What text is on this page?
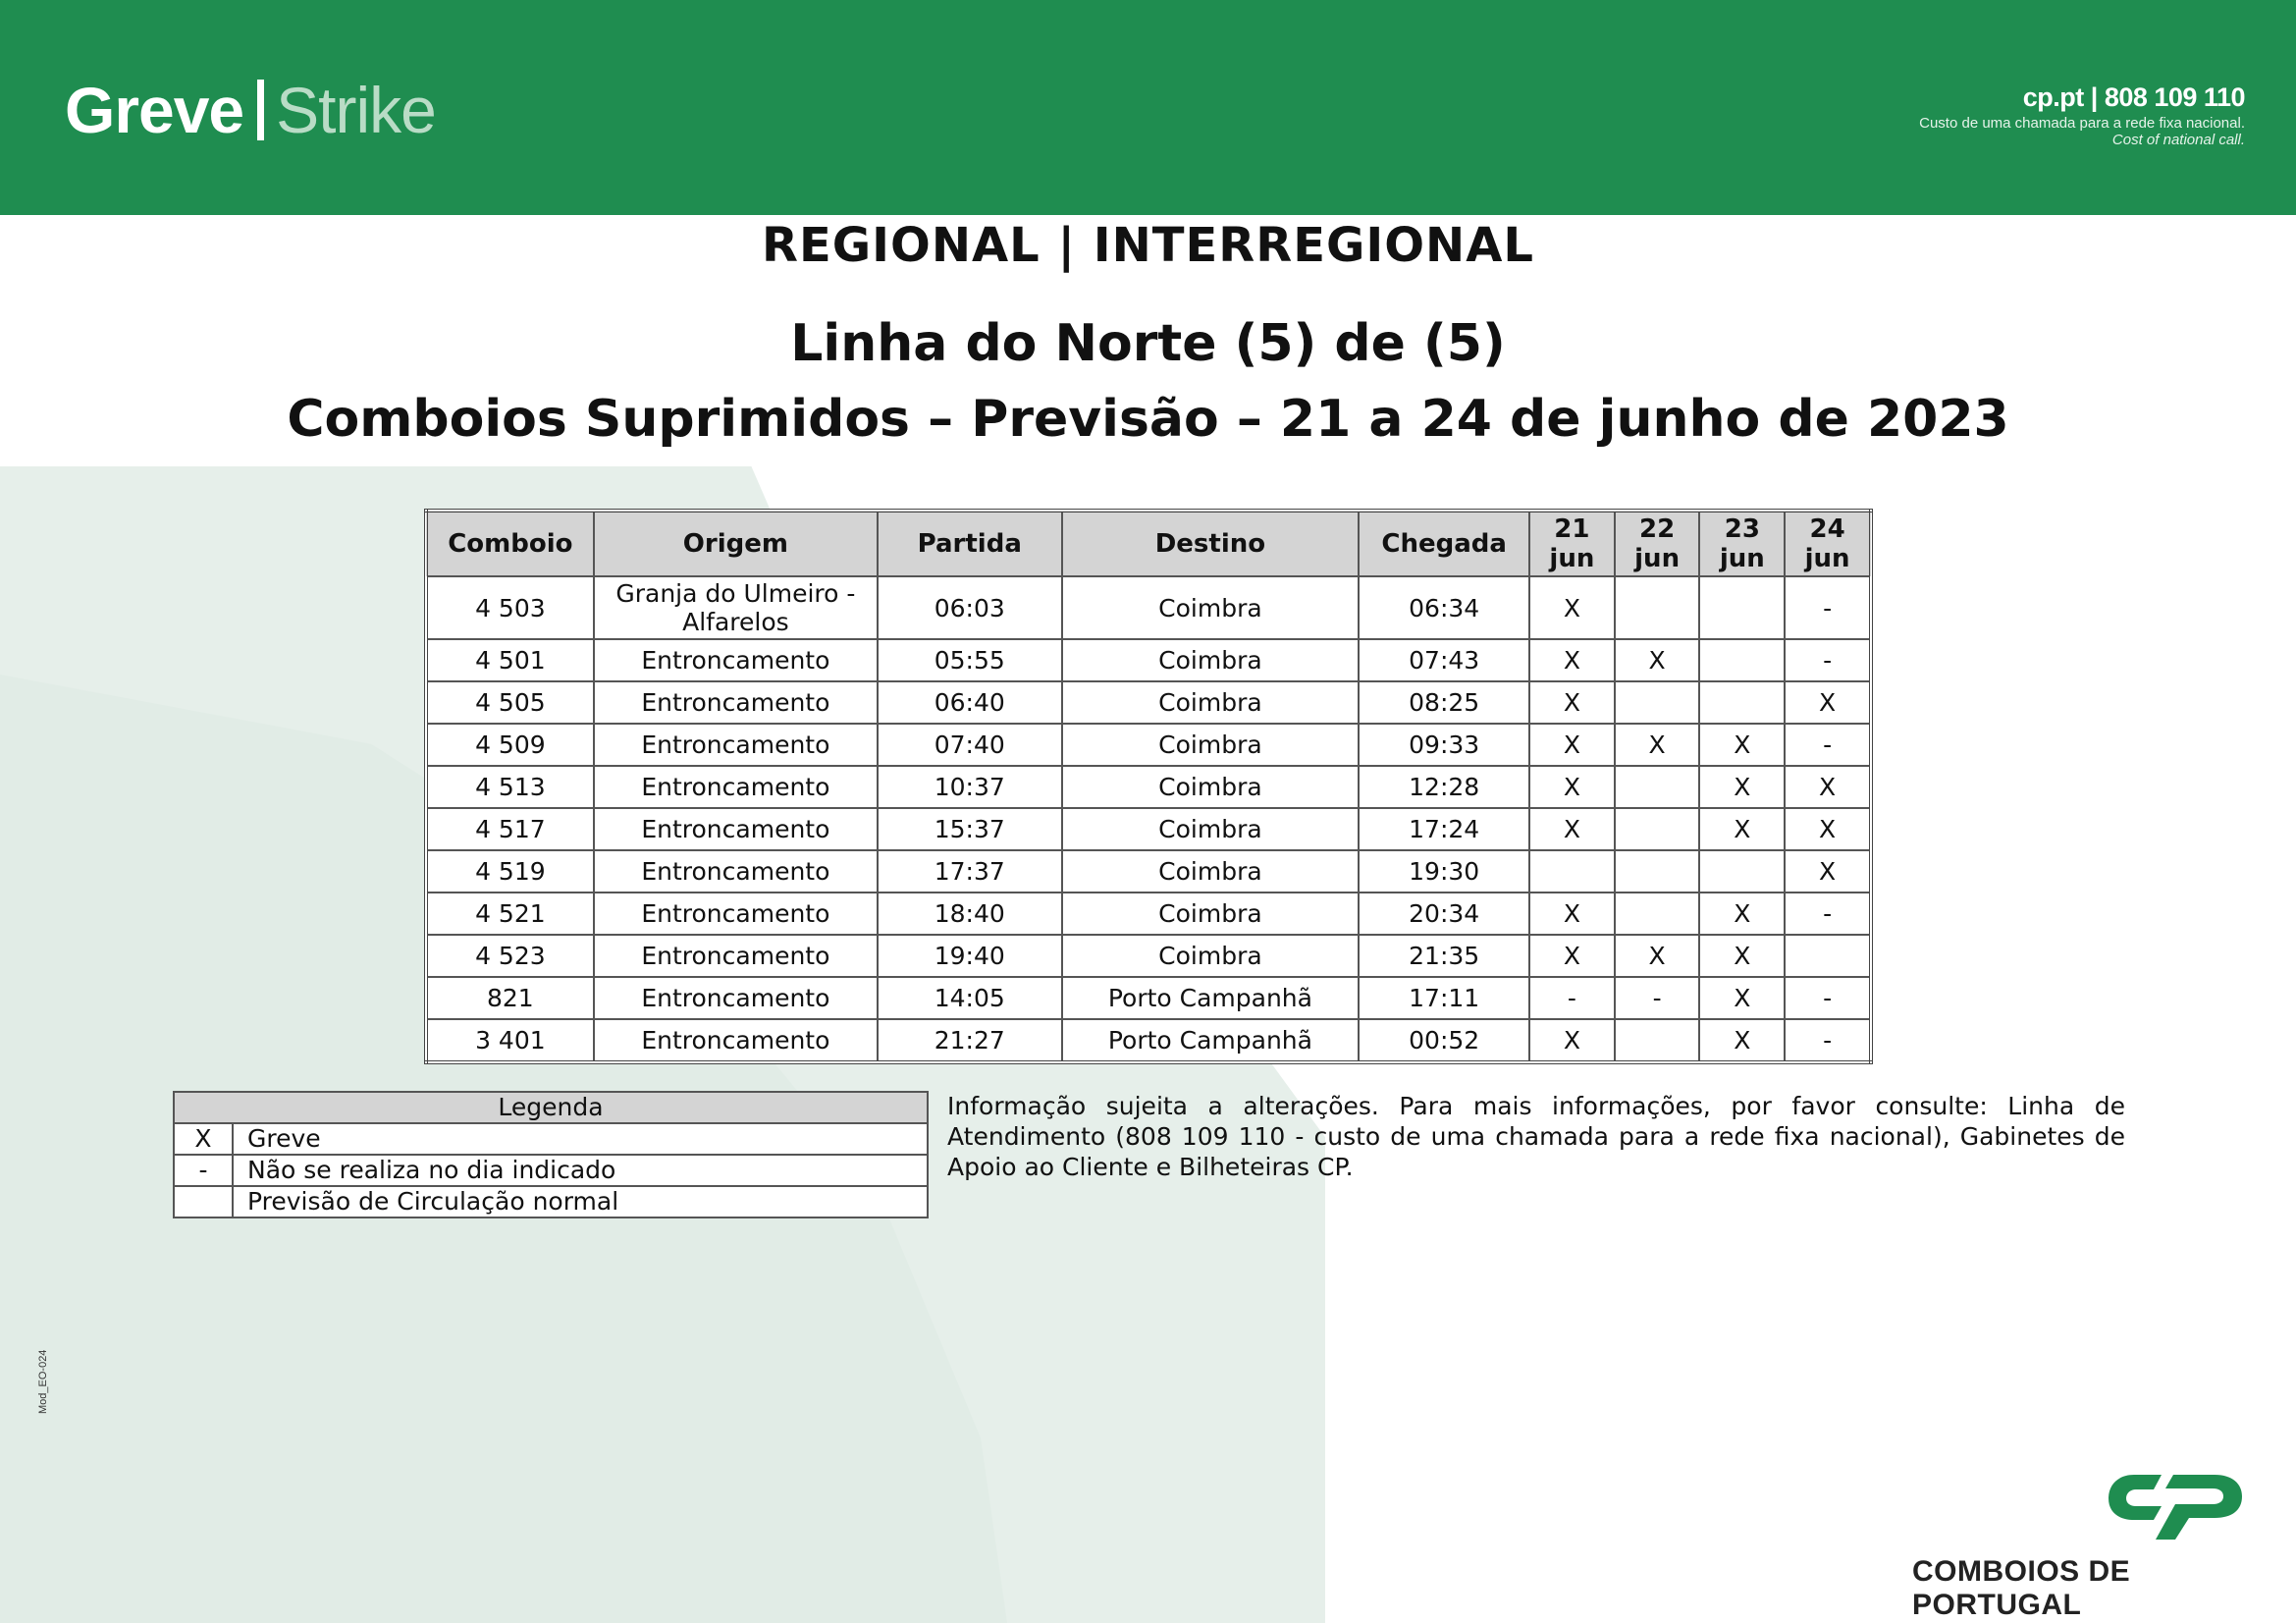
Greve Strike	cp.pt | 808 109 110
Custo de uma chamada para a rede fixa nacional.
Cost of national call.
REGIONAL | INTERREGIONAL
Linha do Norte (5) de (5)
Comboios Suprimidos – Previsão – 21 a 24 de junho de 2023
Comboio	Origem	Partida	Destino	Chegada	21 jun	22 jun	23 jun	24 jun
4 503	Granja do Ulmeiro - Alfarelos	06:03	Coimbra	06:34	X			-
4 501	Entroncamento	05:55	Coimbra	07:43	X	X		-
4 505	Entroncamento	06:40	Coimbra	08:25	X			X
4 509	Entroncamento	07:40	Coimbra	09:33	X	X	X	-
4 513	Entroncamento	10:37	Coimbra	12:28	X		X	X
4 517	Entroncamento	15:37	Coimbra	17:24	X		X	X
4 519	Entroncamento	17:37	Coimbra	19:30				X
4 521	Entroncamento	18:40	Coimbra	20:34	X		X	-
4 523	Entroncamento	19:40	Coimbra	21:35	X	X	X	
821	Entroncamento	14:05	Porto Campanhã	17:11	-	-	X	-
3 401	Entroncamento	21:27	Porto Campanhã	00:52	X		X	-
Legenda	
X	Greve
-	Não se realiza no dia indicado
	Previsão de Circulação normal
Informação sujeita a alterações. Para mais informações, por favor consulte: Linha de Atendimento (808 109 110 - custo de uma chamada para a rede fixa nacional), Gabinetes de Apoio ao Cliente e Bilheteiras CP.
Mod_EO-024
COMBOIOS DE PORTUGAL
